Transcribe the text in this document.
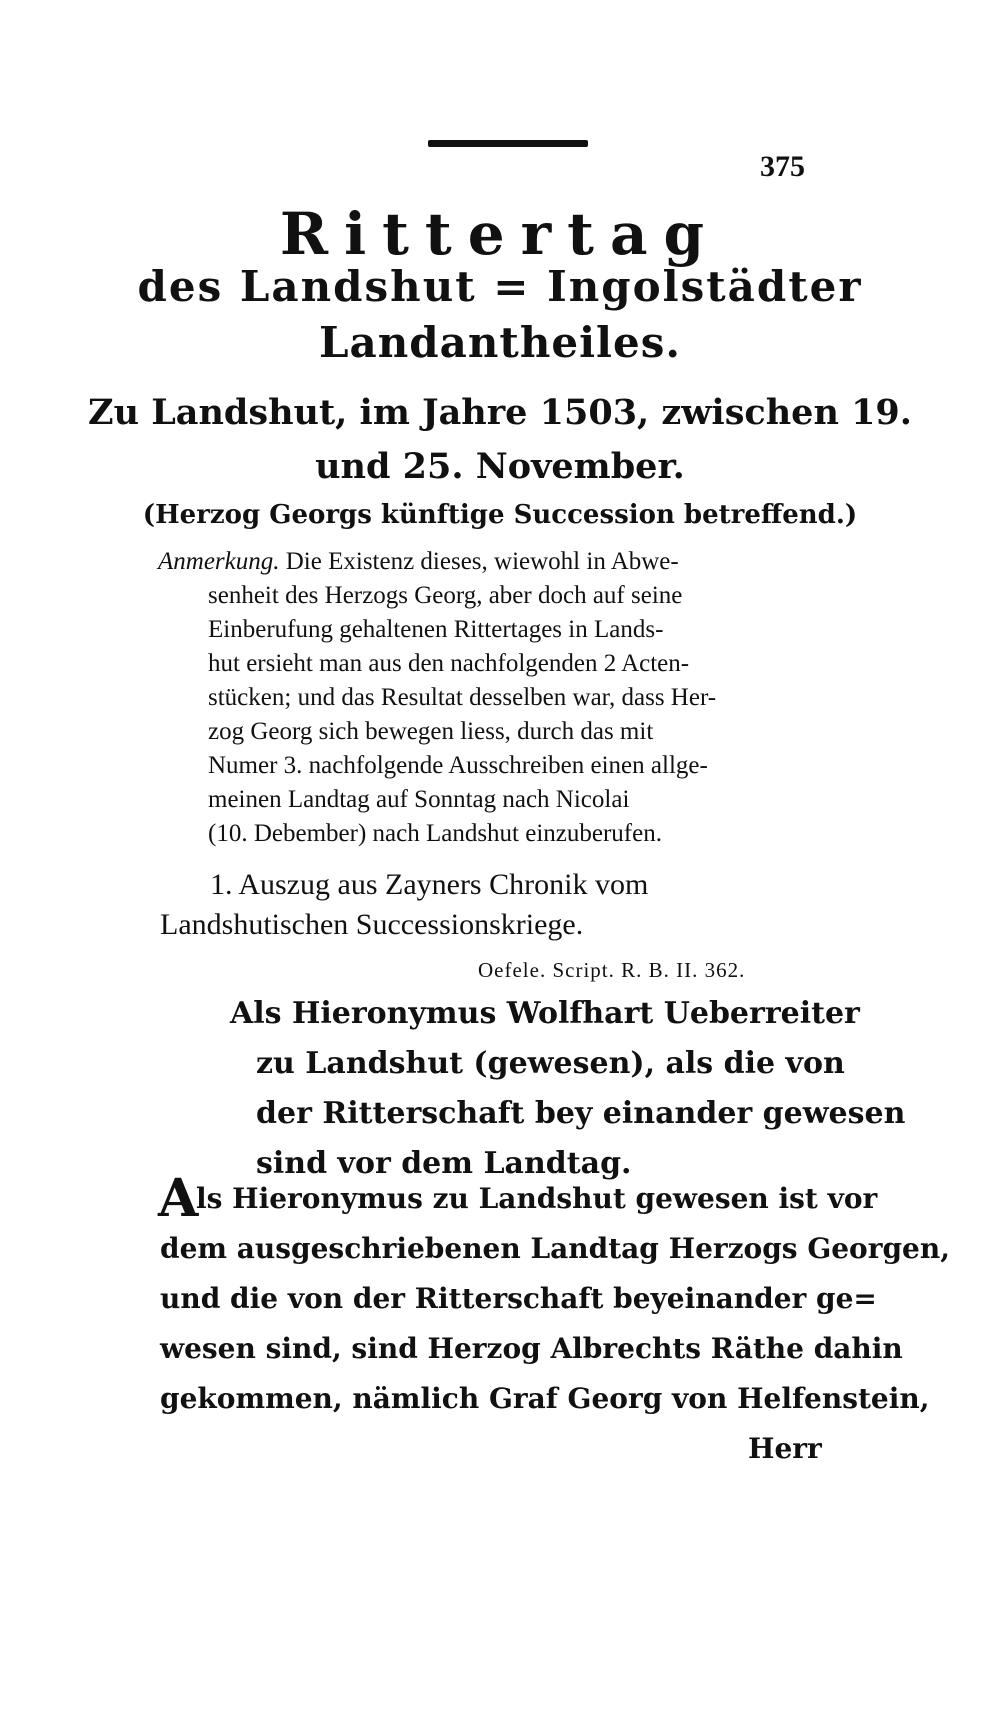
375
Rittertag
des Landshut = Ingolstädter
Landantheiles.
Zu Landshut, im Jahre 1503, zwischen 19.
und 25. November.
(Herzog Georgs künftige Succession betreffend.)
Anmerkung. Die Existenz dieses, wiewohl in Abwe-
senheit des Herzogs Georg, aber doch auf seine
Einberufung gehaltenen Rittertages in Lands-
hut ersieht man aus den nachfolgenden 2 Acten-
stücken; und das Resultat desselben war, dass Her-
zog Georg sich bewegen liess, durch das mit
Numer 3. nachfolgende Ausschreiben einen allge-
meinen Landtag auf Sonntag nach Nicolai
(10. Debember) nach Landshut einzuberufen.
1. Auszug aus Zayners Chronik vom
Landshutischen Successionskriege.
Oefele. Script. R. B. II. 362.
Als Hieronymus Wolfhart Ueberreiter
zu Landshut (gewesen), als die von
der Ritterschaft bey einander gewesen
sind vor dem Landtag.
A
ls Hieronymus zu Landshut gewesen ist vor
dem ausgeschriebenen Landtag Herzogs Georgen,
und die von der Ritterschaft beyeinander ge=
wesen sind, sind Herzog Albrechts Räthe dahin
gekommen, nämlich Graf Georg von Helfenstein,
Herr
